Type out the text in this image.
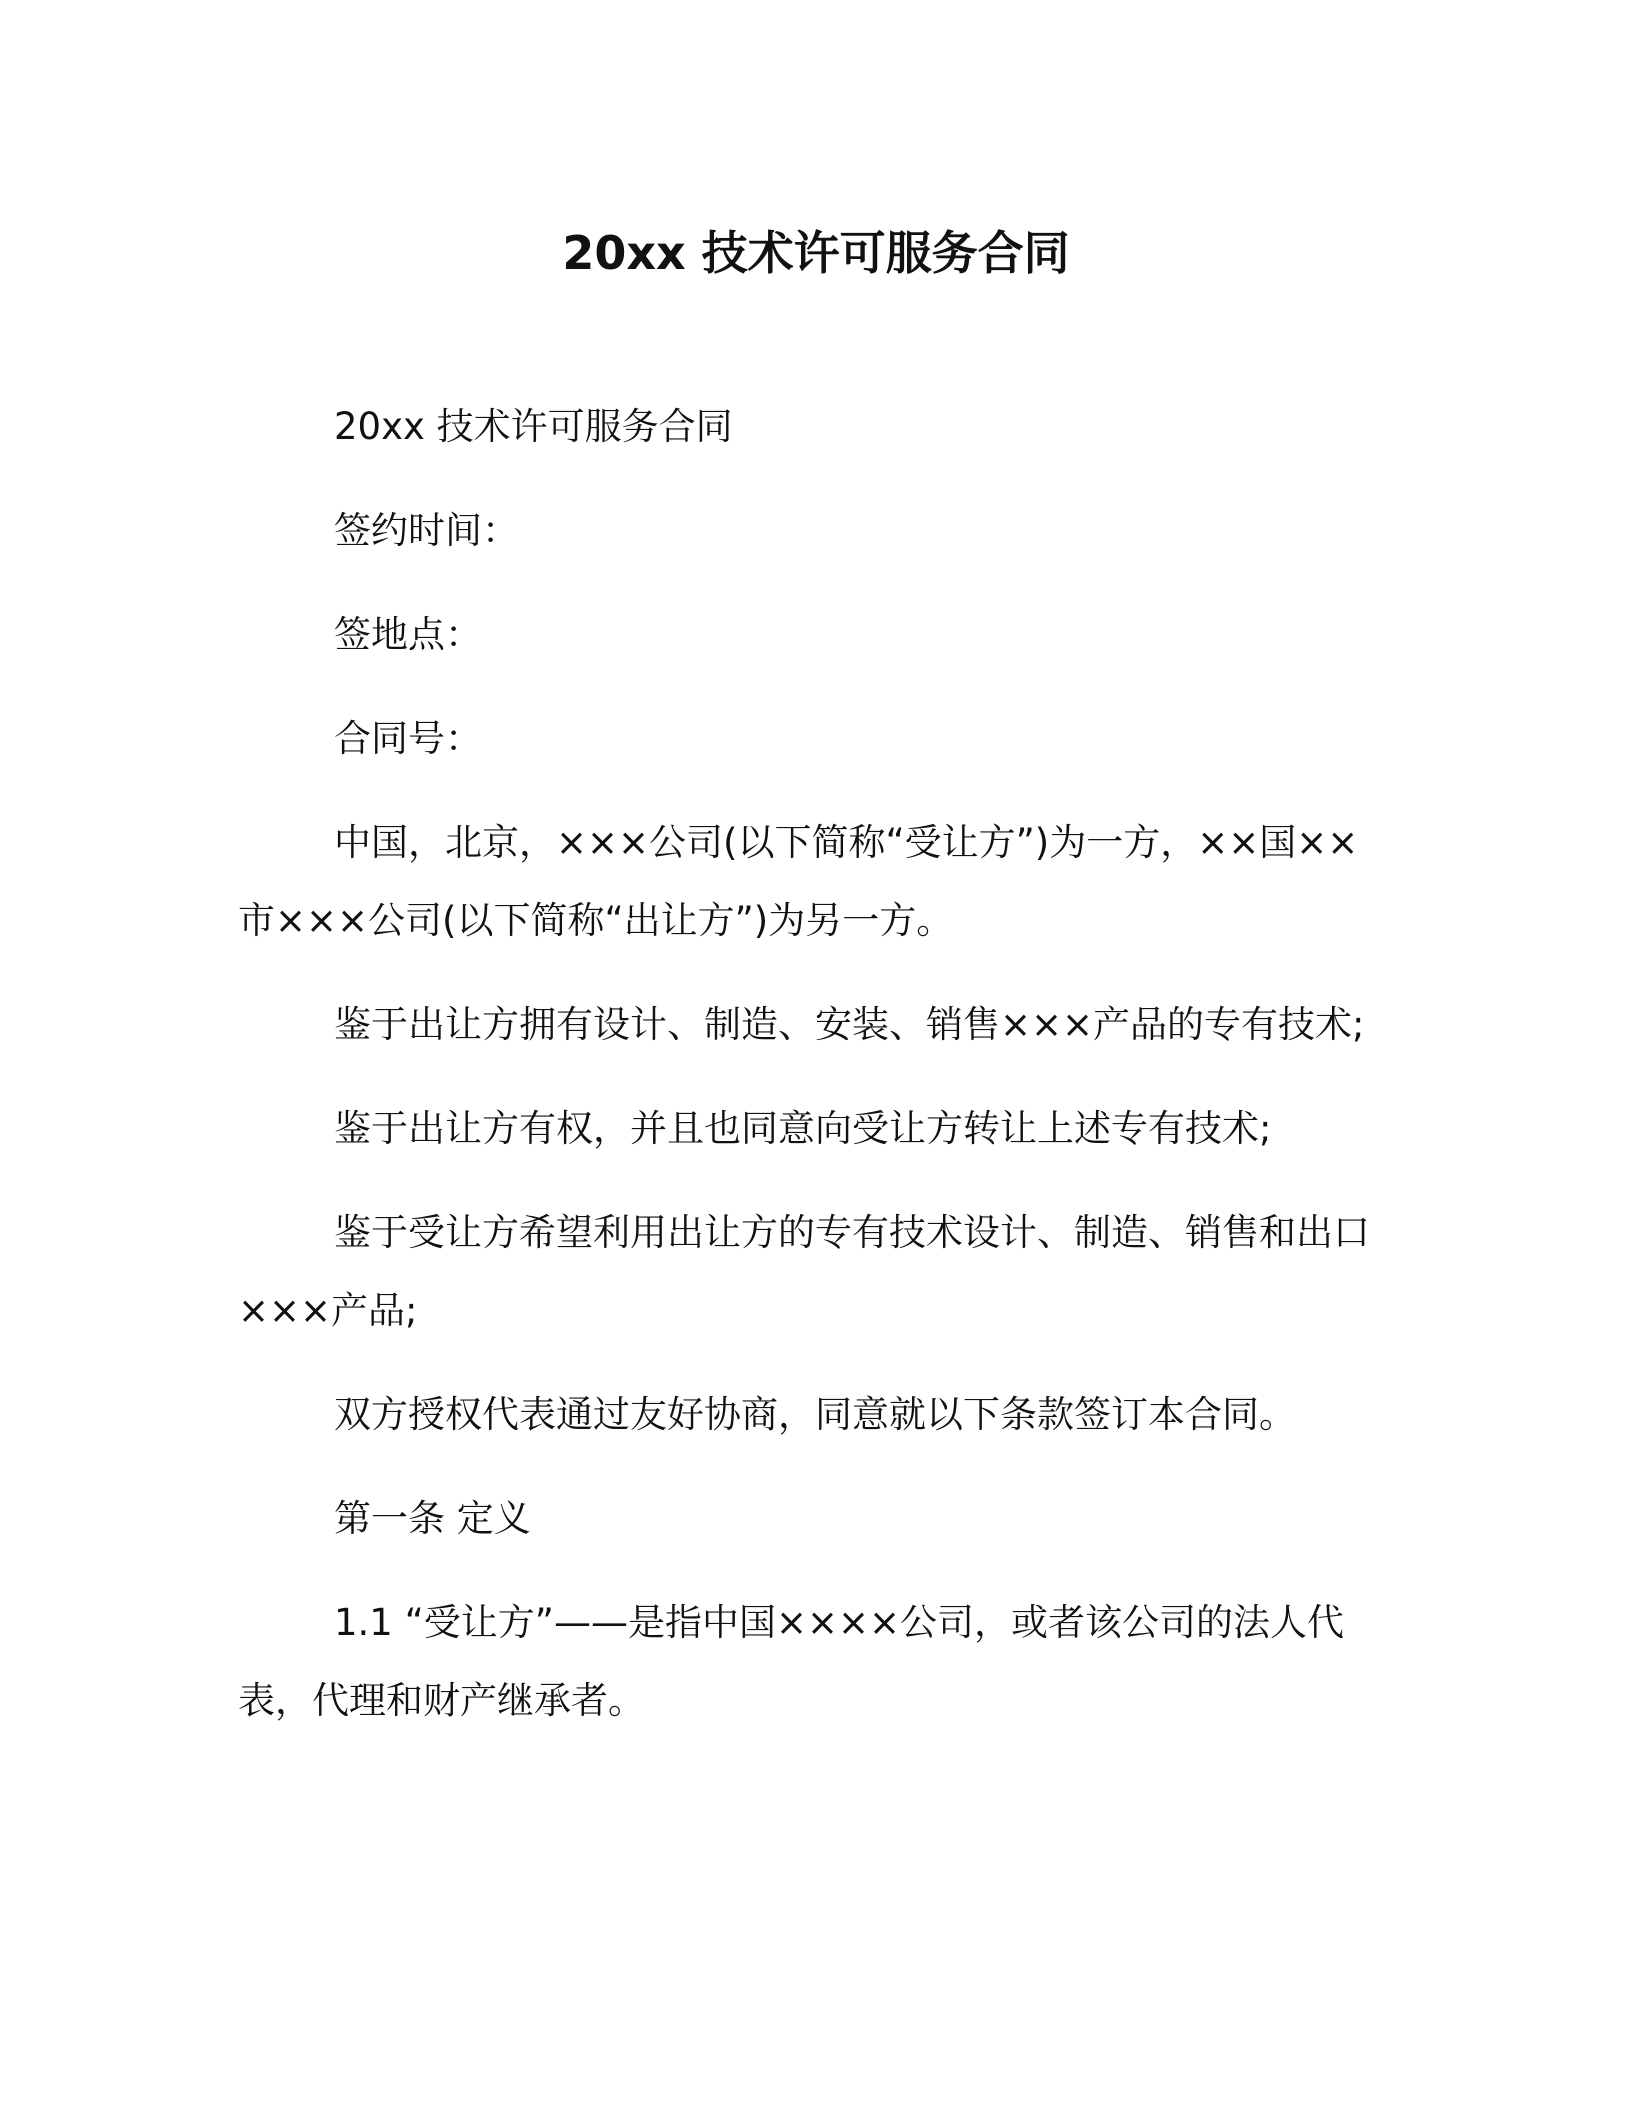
20xx 技术许可服务合同

20xx 技术许可服务合同

签约时间：

签地点：

合同号：

中国，北京，×××公司(以下简称“受让方”)为一方，××国××市×××公司(以下简称“出让方”)为另一方。

鉴于出让方拥有设计、制造、安装、销售×××产品的专有技术;

鉴于出让方有权，并且也同意向受让方转让上述专有技术;

鉴于受让方希望利用出让方的专有技术设计、制造、销售和出口×××产品;

双方授权代表通过友好协商，同意就以下条款签订本合同。

第一条 定义

1.1 “受让方”——是指中国××××公司，或者该公司的法人代表，代理和财产继承者。
